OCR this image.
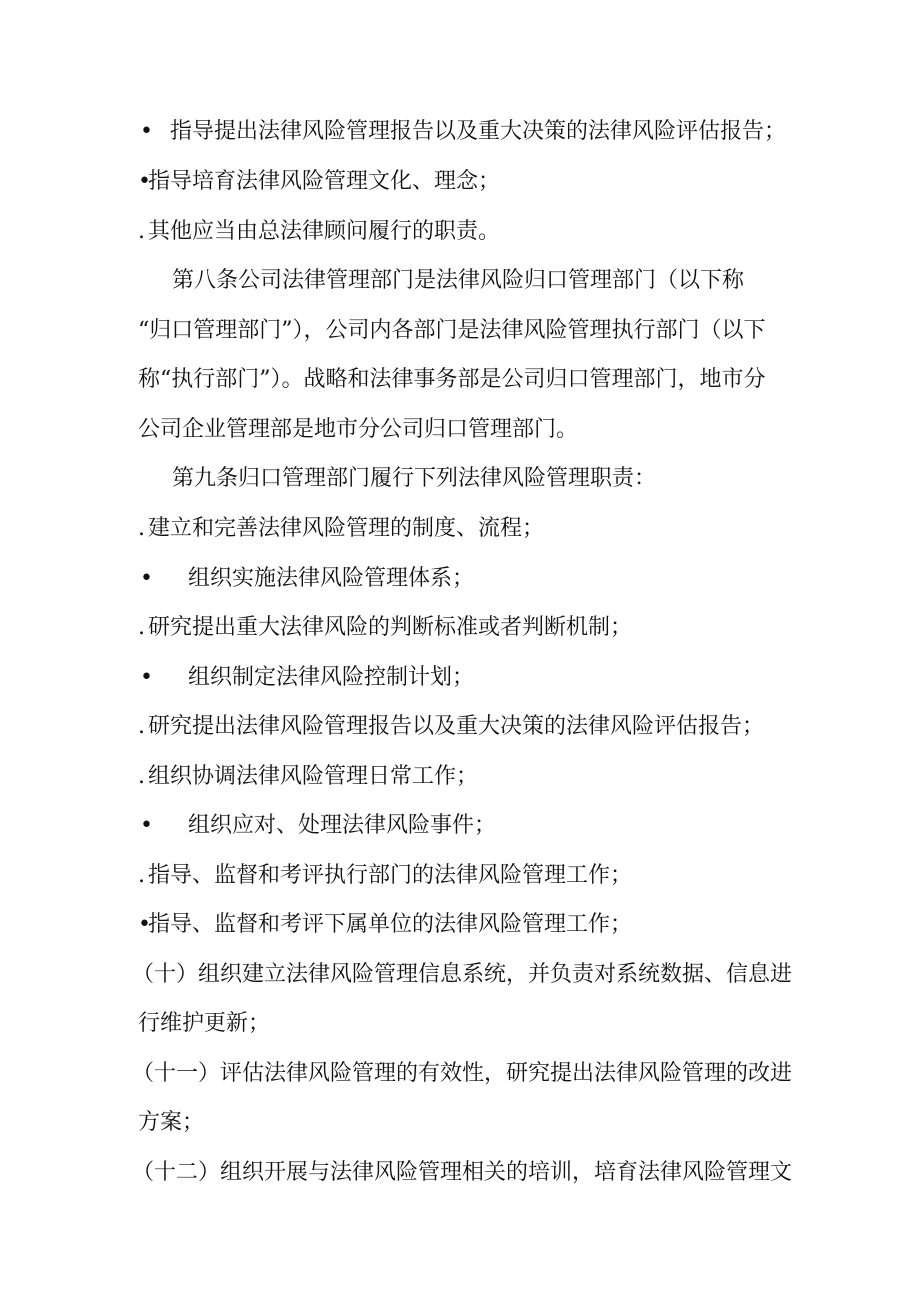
• 指导提出法律风险管理报告以及重大决策的法律风险评估报告；
•指导培育法律风险管理文化、理念；
. 其他应当由总法律顾问履行的职责。
第八条公司法律管理部门是法律风险归口管理部门（以下称
“归口管理部门”），公司内各部门是法律风险管理执行部门（以下
称“执行部门”）。战略和法律事务部是公司归口管理部门，地市分
公司企业管理部是地市分公司归口管理部门。
第九条归口管理部门履行下列法律风险管理职责：
. 建立和完善法律风险管理的制度、流程；
• 组织实施法律风险管理体系；
. 研究提出重大法律风险的判断标准或者判断机制；
• 组织制定法律风险控制计划；
. 研究提出法律风险管理报告以及重大决策的法律风险评估报告；
. 组织协调法律风险管理日常工作；
• 组织应对、处理法律风险事件；
. 指导、监督和考评执行部门的法律风险管理工作；
•指导、监督和考评下属单位的法律风险管理工作；
（十）组织建立法律风险管理信息系统，并负责对系统数据、信息进
行维护更新；
（十一）评估法律风险管理的有效性，研究提出法律风险管理的改进
方案；
（十二）组织开展与法律风险管理相关的培训，培育法律风险管理文
